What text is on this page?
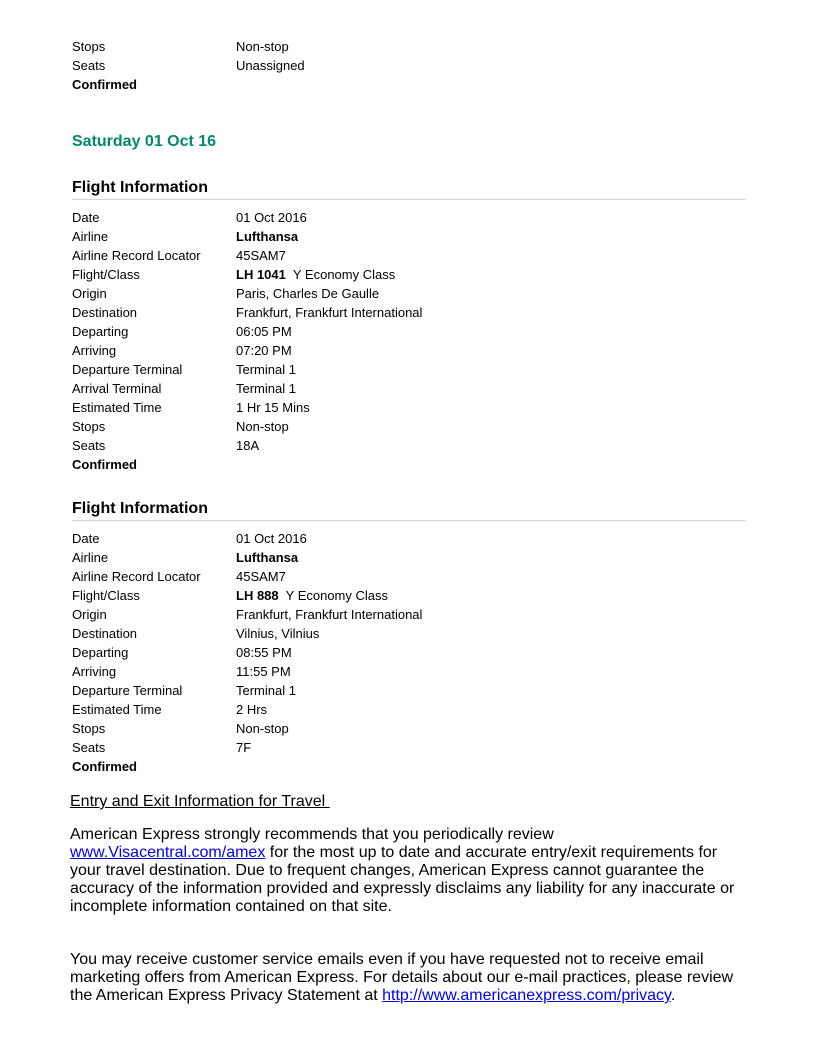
Stops	Non-stop
Seats	Unassigned
Confirmed
Saturday 01 Oct 16
Flight Information
Date	01 Oct 2016
Airline	Lufthansa
Airline Record Locator	45SAM7
Flight/Class	LH 1041 Y Economy Class
Origin	Paris, Charles De Gaulle
Destination	Frankfurt, Frankfurt International
Departing	06:05 PM
Arriving	07:20 PM
Departure Terminal	Terminal 1
Arrival Terminal	Terminal 1
Estimated Time	1 Hr 15 Mins
Stops	Non-stop
Seats	18A
Confirmed
Flight Information
Date	01 Oct 2016
Airline	Lufthansa
Airline Record Locator	45SAM7
Flight/Class	LH 888 Y Economy Class
Origin	Frankfurt, Frankfurt International
Destination	Vilnius, Vilnius
Departing	08:55 PM
Arriving	11:55 PM
Departure Terminal	Terminal 1
Estimated Time	2 Hrs
Stops	Non-stop
Seats	7F
Confirmed
Entry and Exit Information for Travel
American Express strongly recommends that you periodically review www.Visacentral.com/amex for the most up to date and accurate entry/exit requirements for your travel destination. Due to frequent changes, American Express cannot guarantee the accuracy of the information provided and expressly disclaims any liability for any inaccurate or incomplete information contained on that site.
You may receive customer service emails even if you have requested not to receive email marketing offers from American Express. For details about our e-mail practices, please review the American Express Privacy Statement at http://www.americanexpress.com/privacy.
